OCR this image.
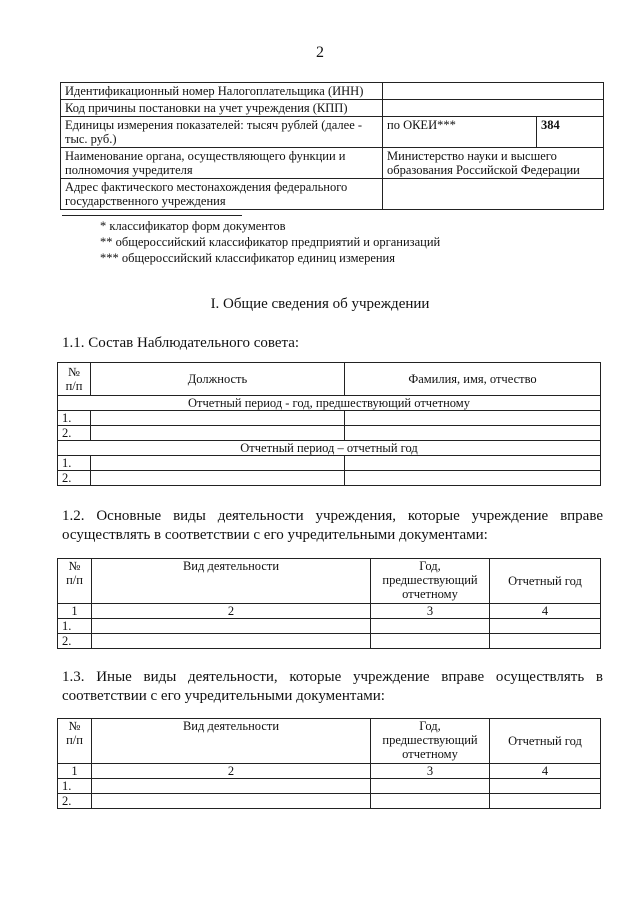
2
Идентификационный номер Налогоплательщика (ИНН)		
Код причины постановки на учет учреждения (КПП)		
Единицы измерения показателей: тысяч рублей (далее - тыс. руб.)	по ОКЕИ***	384
Наименование органа, осуществляющего функции и полномочия учредителя	Министерство науки и высшего образования Российской Федерации	
Адрес фактического местонахождения федерального государственного учреждения		
* классификатор форм документов
** общероссийский классификатор предприятий и организаций
*** общероссийский классификатор единиц измерения
I. Общие сведения об учреждении
1.1. Состав Наблюдательного совета:
№ п/п	Должность	Фамилия, имя, отчество
Отчетный период - год, предшествующий отчетному		
1.		
2.		
Отчетный период – отчетный год		
1.		
2.		
1.2. Основные виды деятельности учреждения, которые учреждение вправе осуществлять в соответствии с его учредительными документами:
№ п/п	Вид деятельности	Год, предшествующий отчетному	Отчетный год
1	2	3	4
1.			
2.			
1.3. Иные виды деятельности, которые учреждение вправе осуществлять в соответствии с его учредительными документами:
№ п/п	Вид деятельности	Год, предшествующий отчетному	Отчетный год
1	2	3	4
1.			
2.			
